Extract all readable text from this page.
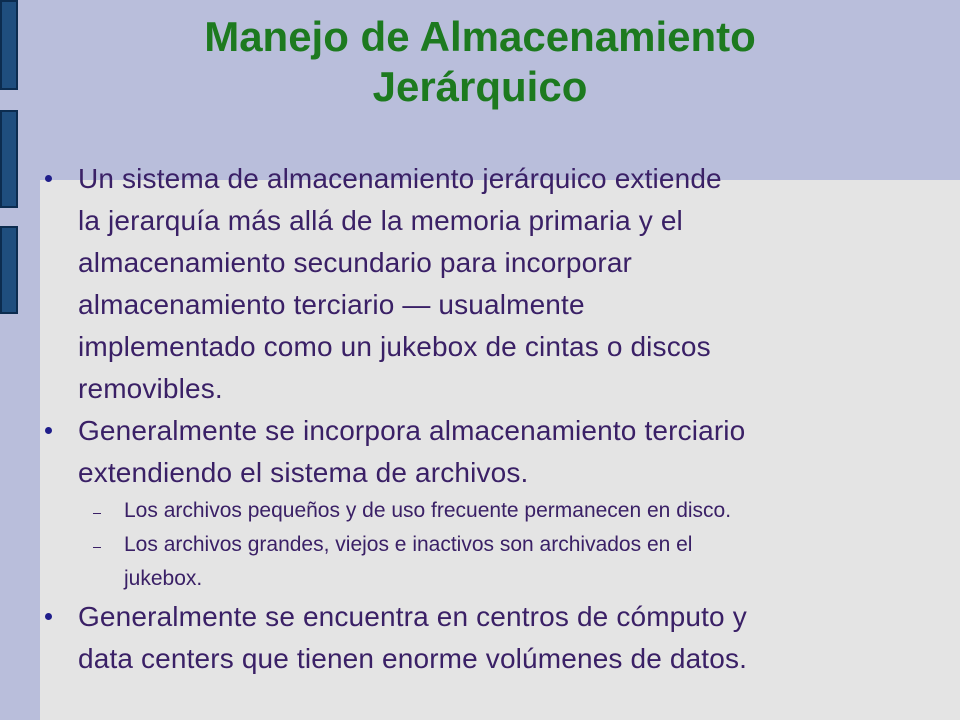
Manejo de Almacenamiento
Jerárquico
Un sistema de almacenamiento jerárquico extiende
la jerarquía más allá de la memoria primaria y el
almacenamiento secundario para incorporar
almacenamiento terciario — usualmente
implementado como un jukebox de cintas o discos
removibles.
Generalmente se incorpora almacenamiento terciario
extendiendo el sistema de archivos.
Los archivos pequeños y de uso frecuente permanecen en disco.
Los archivos grandes, viejos e inactivos son archivados en el
jukebox.
Generalmente se encuentra en centros de cómputo y
data centers que tienen enorme volúmenes de datos.
